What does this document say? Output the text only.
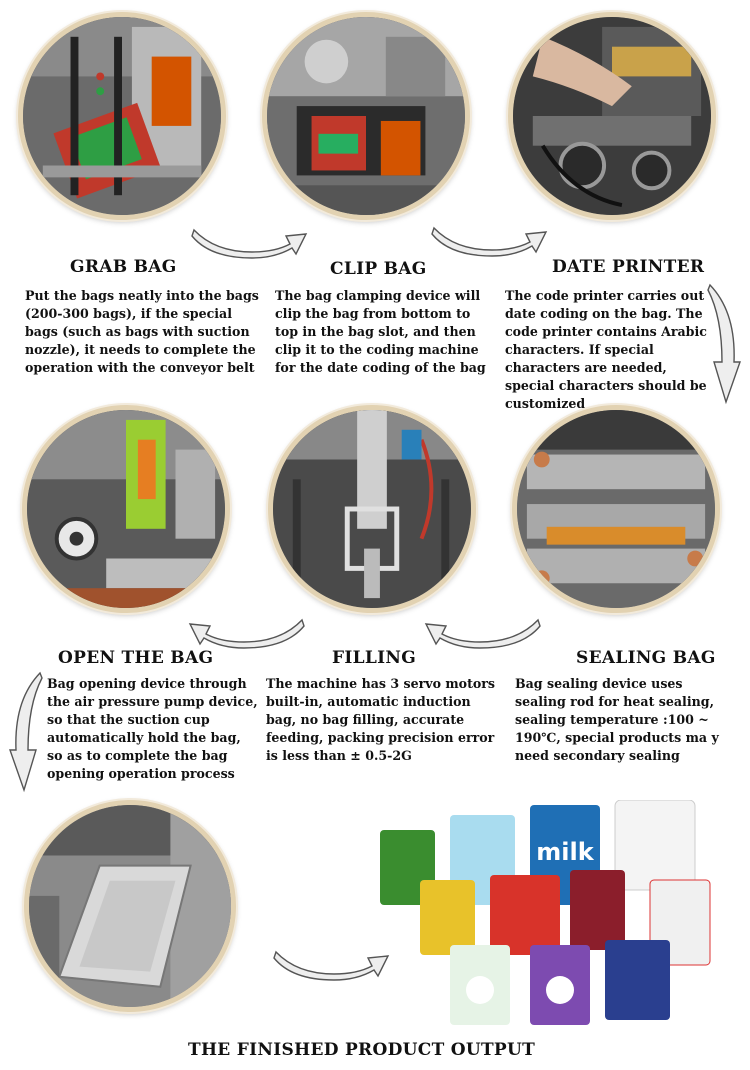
GRAB BAG	CLIP BAG	DATE PRINTER
Put the bags neatly into the bags (200-300 bags), if the special bags (such as bags with suction nozzle), it needs to complete the operation with the conveyor belt
The bag clamping device will clip the bag from bottom to top in the bag slot, and then clip it to the coding machine for the date coding of the bag
The code printer carries out date coding on the bag. The code printer contains Arabic characters. If special characters are needed, special characters should be customized
OPEN THE BAG	FILLING	SEALING BAG
Bag opening device through the air pressure pump device, so that the suction cup automatically hold the bag, so as to complete the bag opening operation process
The machine has 3 servo motors built-in, automatic induction bag, no bag filling, accurate feeding, packing precision error is less than ± 0.5-2G
Bag sealing device uses sealing rod for heat sealing, sealing temperature :100 ~ 190℃, special products ma y need secondary sealing
milk
THE FINISHED PRODUCT OUTPUT
